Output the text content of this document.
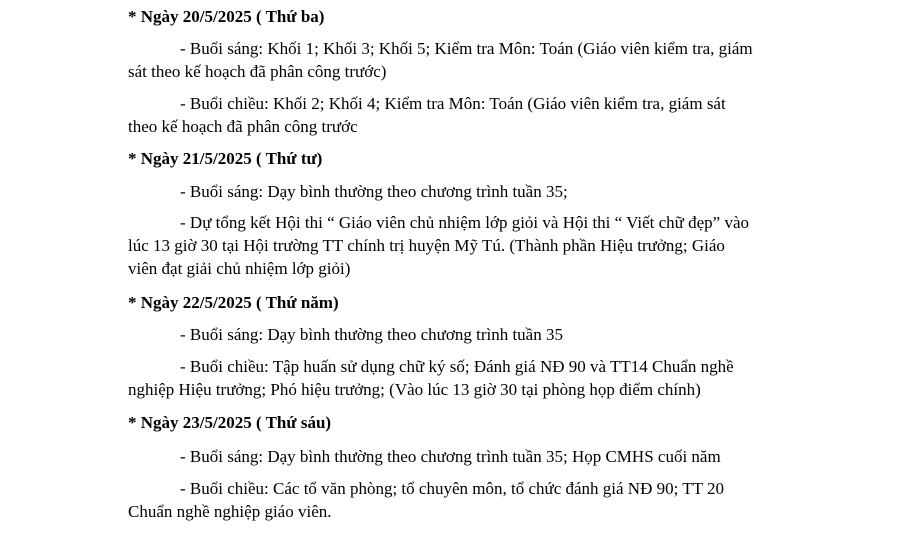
* Ngày 20/5/2025 ( Thứ ba)
- Buổi sáng: Khối 1; Khối 3; Khối 5; Kiểm tra Môn: Toán (Giáo viên kiểm tra, giám
sát theo kế hoạch đã phân công trước)
- Buổi chiều: Khối 2; Khối 4; Kiểm tra Môn: Toán (Giáo viên kiểm tra, giám sát
theo kế hoạch đã phân công trước
* Ngày 21/5/2025 ( Thứ tư)
- Buổi sáng: Dạy bình thường theo chương trình tuần 35;
- Dự tổng kết Hội thi “ Giáo viên chủ nhiệm lớp giỏi và Hội thi “ Viết chữ đẹp” vào
lúc 13 giờ 30 tại Hội trường TT chính trị huyện Mỹ Tú. (Thành phần Hiệu trưởng; Giáo
viên đạt giải chủ nhiệm lớp giỏi)
* Ngày 22/5/2025 ( Thứ năm)
- Buổi sáng: Dạy bình thường theo chương trình tuần 35
- Buổi chiều: Tập huấn sử dụng chữ ký số; Đánh giá NĐ 90 và TT14 Chuẩn nghề
nghiệp Hiệu trưởng; Phó hiệu trưởng; (Vào lúc 13 giờ 30 tại phòng họp điểm chính)
* Ngày 23/5/2025 ( Thứ sáu)
- Buổi sáng: Dạy bình thường theo chương trình tuần 35; Họp CMHS cuối năm
- Buổi chiều: Các tổ văn phòng; tổ chuyên môn, tổ chức đánh giá NĐ 90; TT 20
Chuẩn nghề nghiệp giáo viên.
